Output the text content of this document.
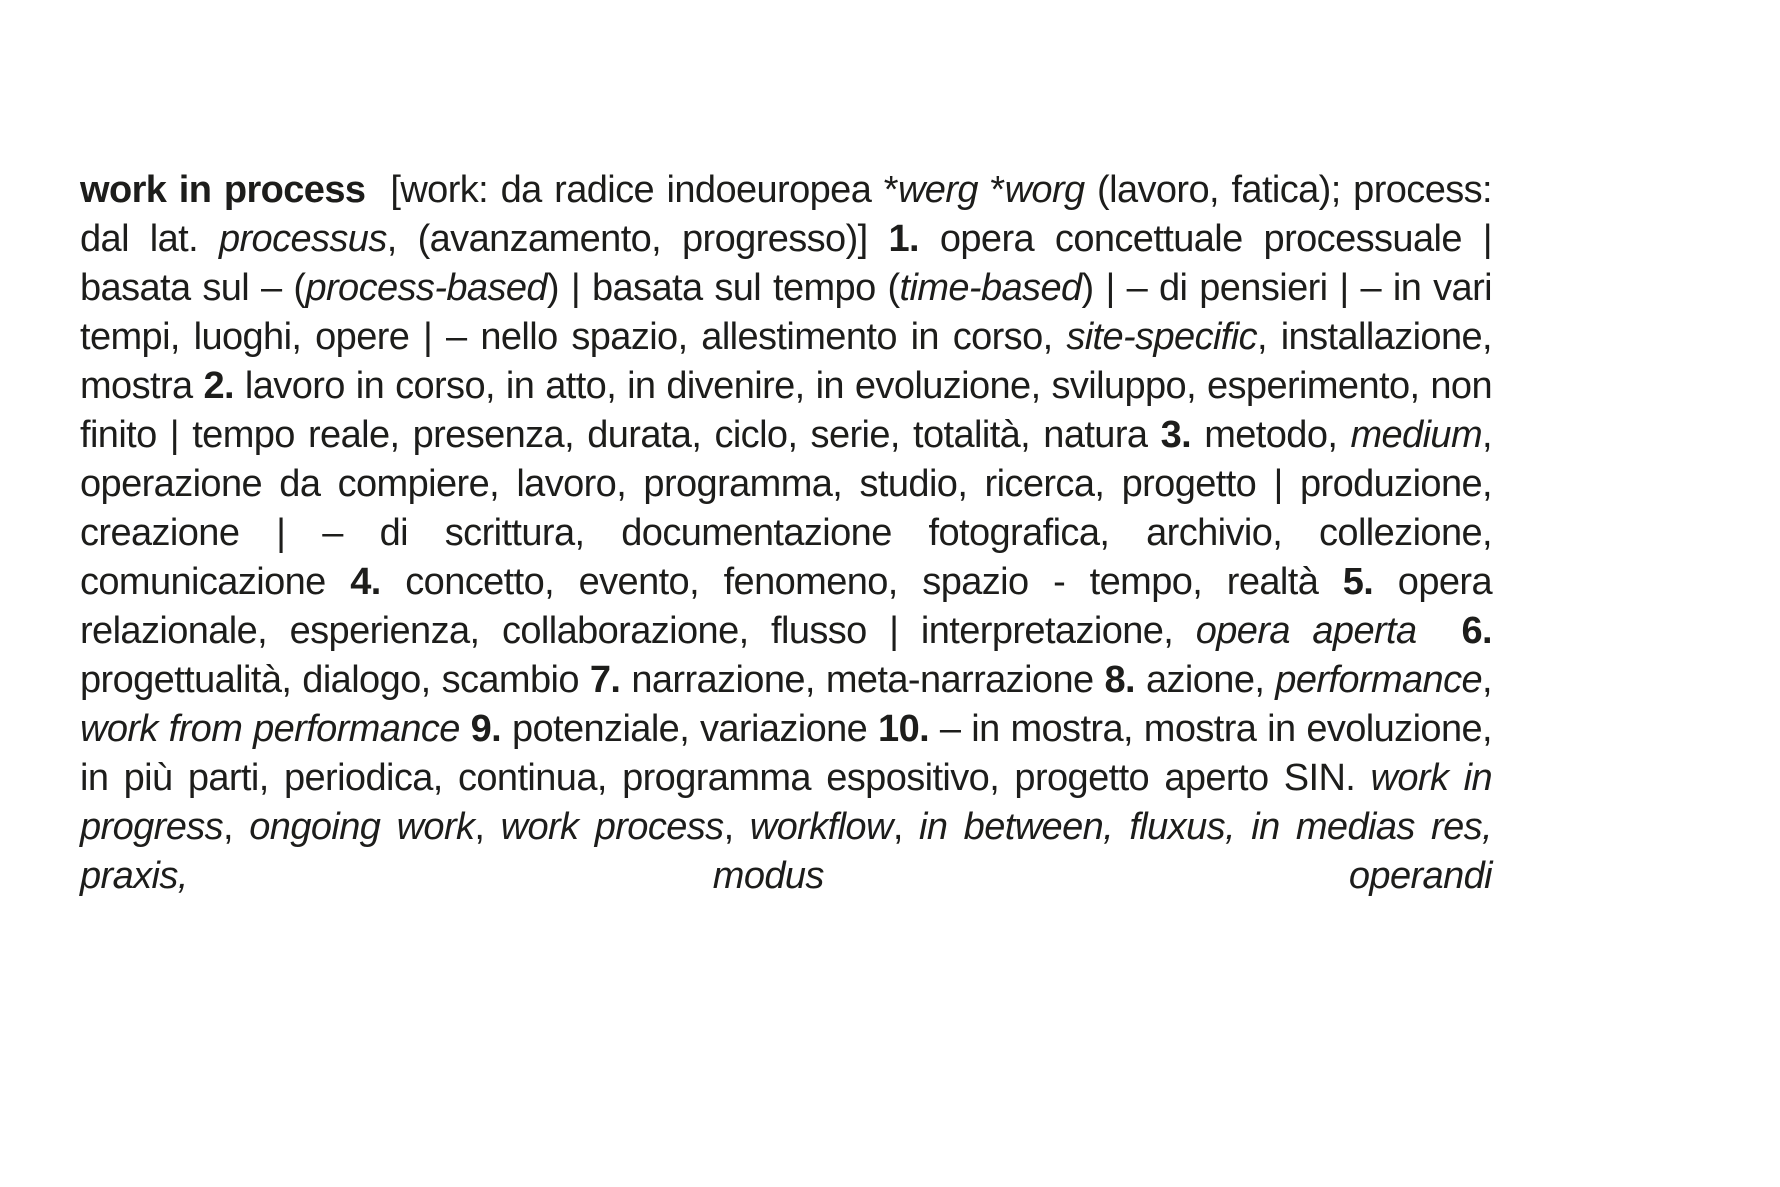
work in process  [work: da radice indoeuropea *werg *worg (lavoro, fatica); process: dal lat. processus, (avanzamento, progresso)] 1. opera concettuale processuale | basata sul – (process-based) | basata sul tempo (time-based) | – di pensieri | – in vari tempi, luoghi, opere | – nello spazio, allestimento in corso, site-specific, installazione, mostra 2. lavoro in corso, in atto, in divenire, in evoluzione, sviluppo, esperimento, non finito | tempo reale, presenza, durata, ciclo, serie, totalità, natura 3. metodo, medium, operazione da compiere, lavoro, programma, studio, ricerca, progetto | produzione, creazione | – di scrittura, documentazione fotografica, archivio, collezione, comunicazione 4. concetto, evento, fenomeno, spazio - tempo, realtà 5. opera relazionale, esperienza, collaborazione, flusso | interpretazione, opera aperta 6. progettualità, dialogo, scambio 7. narrazione, meta-narrazione 8. azione, performance, work from performance 9. potenziale, variazione 10. – in mostra, mostra in evoluzione, in più parti, periodica, continua, programma espositivo, progetto aperto SIN. work in progress, ongoing work, work process, workflow, in between, fluxus, in medias res, praxis, modus operandi
